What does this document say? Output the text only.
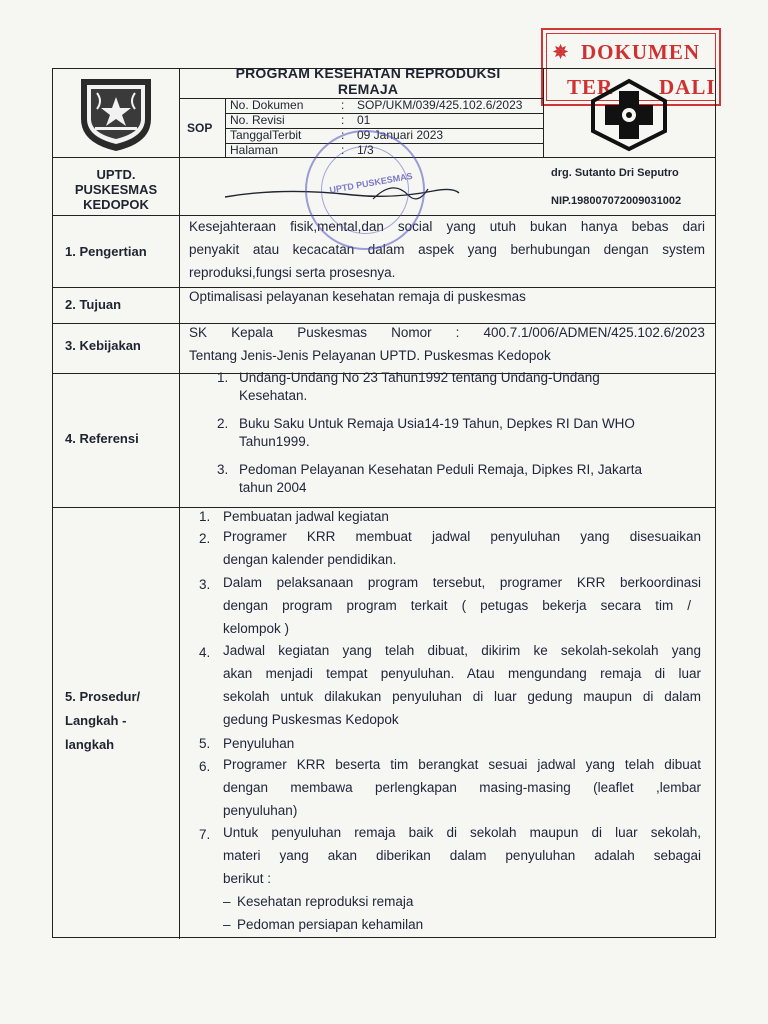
✵ DOKUMEN
TER DALI
PROGRAM KESEHATAN REPRODUKSI
REMAJA
SOP
No. Dokumen	: SOP/UKM/039/425.102.6/2023
No. Revisi	: 01
TanggalTerbit	: 09 Januari 2023
Halaman	: 1/3
UPTD.
PUSKESMAS
KEDOPOK
drg. Sutanto Dri Seputro
NIP.198007072009031002
1. Pengertian
Kesejahteraan fisik,mental,dan social yang utuh bukan hanya bebas dari
penyakit atau kecacatan dalam aspek yang berhubungan dengan system
reproduksi,fungsi serta prosesnya.
2. Tujuan
Optimalisasi pelayanan kesehatan remaja di puskesmas
3. Kebijakan
SK Kepala Puskesmas Nomor : 400.7.1/006/ADMEN/425.102.6/2023
Tentang Jenis-Jenis Pelayanan UPTD. Puskesmas Kedopok
4. Referensi
1. Undang-Undang No 23 Tahun1992 tentang Undang-Undang
Kesehatan.
2. Buku Saku Untuk Remaja Usia14-19 Tahun, Depkes RI Dan WHO
Tahun1999.
3. Pedoman Pelayanan Kesehatan Peduli Remaja, Dipkes RI, Jakarta
tahun 2004
5. Prosedur/
Langkah -
langkah
1. Pembuatan jadwal kegiatan
2. Programer KRR membuat jadwal penyuluhan yang disesuaikan
dengan kalender pendidikan.
3. Dalam pelaksanaan program tersebut, programer KRR berkoordinasi
dengan program program terkait ( petugas bekerja secara tim /
kelompok )
4. Jadwal kegiatan yang telah dibuat, dikirim ke sekolah-sekolah yang
akan menjadi tempat penyuluhan. Atau mengundang remaja di luar
sekolah untuk dilakukan penyuluhan di luar gedung maupun di dalam
gedung Puskesmas Kedopok
5. Penyuluhan
6. Programer KRR beserta tim berangkat sesuai jadwal yang telah dibuat
dengan membawa perlengkapan masing-masing (leaflet ,lembar
penyuluhan)
7. Untuk penyuluhan remaja baik di sekolah maupun di luar sekolah,
materi yang akan diberikan dalam penyuluhan adalah sebagai
berikut :
– Kesehatan reproduksi remaja
– Pedoman persiapan kehamilan
UPTD PUSKESMAS
